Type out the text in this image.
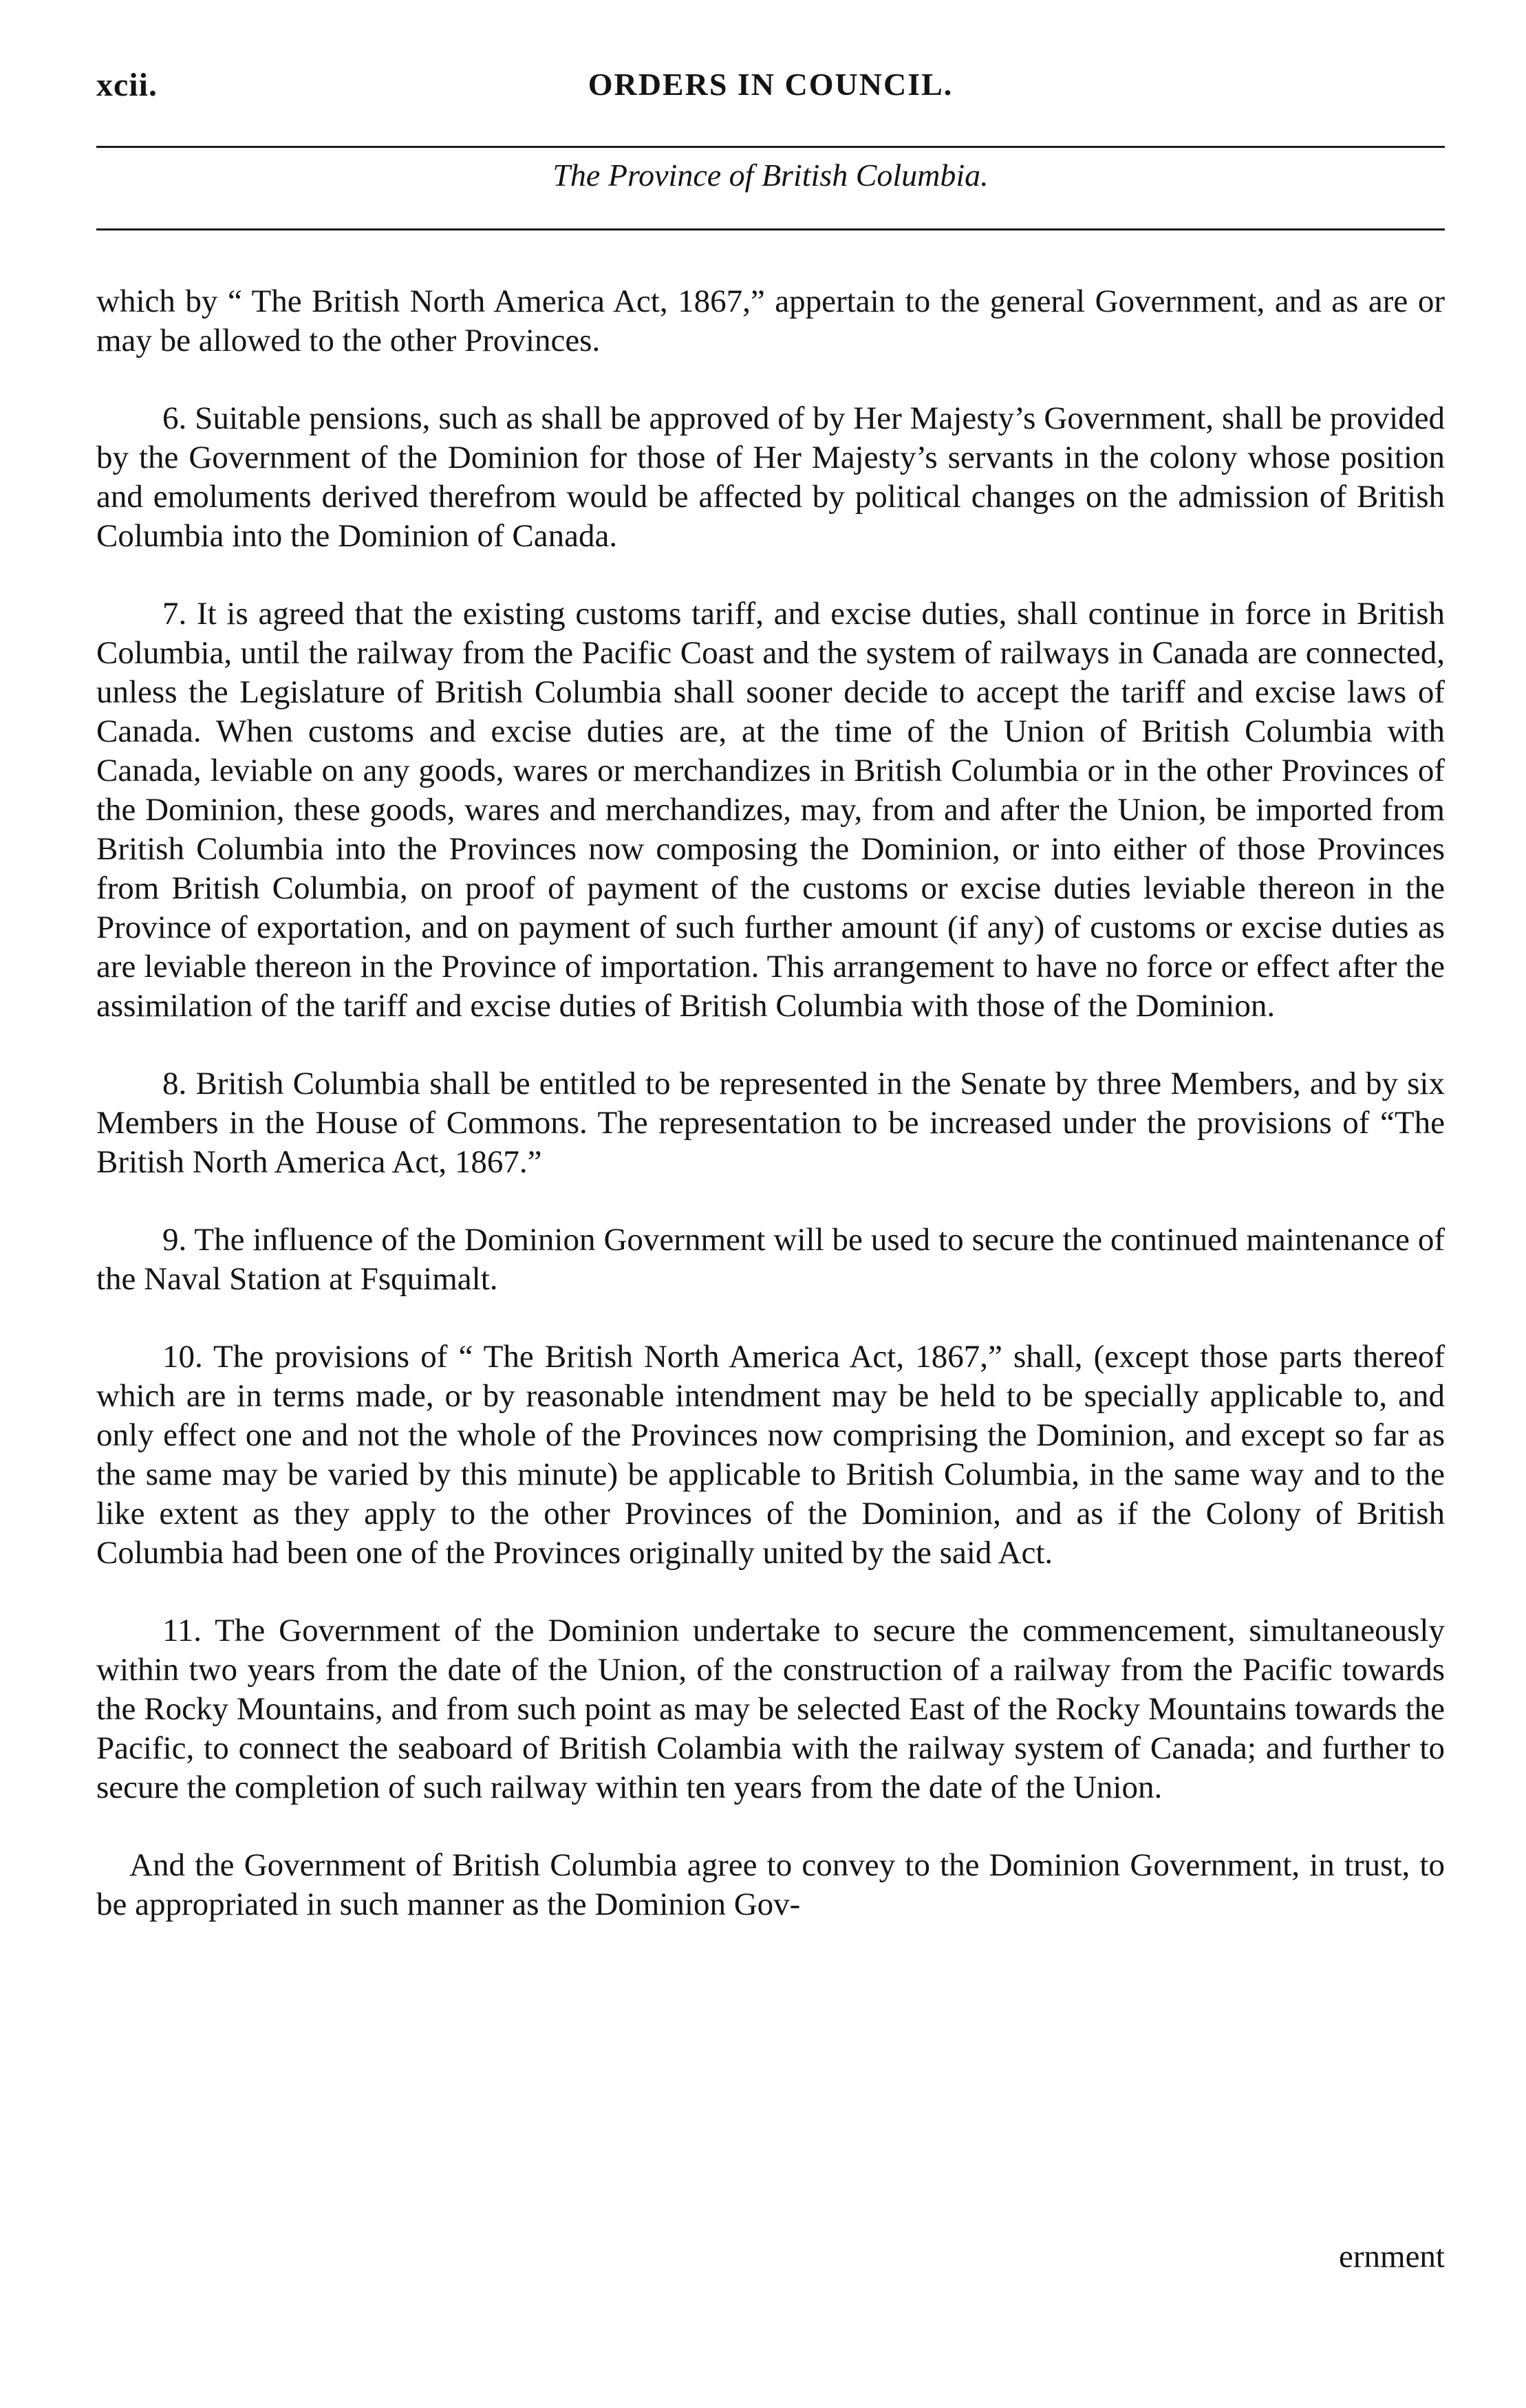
xcii.	ORDERS IN COUNCIL.
The Province of British Columbia.

which by “ The British North America Act, 1867,” appertain to the general Government, and as are or may be allowed to the other Provinces.

6. Suitable pensions, such as shall be approved of by Her Majesty’s Government, shall be provided by the Government of the Dominion for those of Her Majesty’s servants in the colony whose position and emoluments derived therefrom would be affected by political changes on the admission of British Columbia into the Dominion of Canada.

7. It is agreed that the existing customs tariff, and excise duties, shall continue in force in British Columbia, until the railway from the Pacific Coast and the system of railways in Canada are connected, unless the Legislature of British Columbia shall sooner decide to accept the tariff and excise laws of Canada. When customs and excise duties are, at the time of the Union of British Columbia with Canada, leviable on any goods, wares or merchandizes in British Columbia or in the other Provinces of the Dominion, these goods, wares and merchandizes, may, from and after the Union, be imported from British Columbia into the Provinces now composing the Dominion, or into either of those Provinces from British Columbia, on proof of payment of the customs or excise duties leviable thereon in the Province of exportation, and on payment of such further amount (if any) of customs or excise duties as are leviable thereon in the Province of importation. This arrangement to have no force or effect after the assimilation of the tariff and excise duties of British Columbia with those of the Dominion.

8. British Columbia shall be entitled to be represented in the Senate by three Members, and by six Members in the House of Commons. The representation to be increased under the provisions of “The British North America Act, 1867.”

9. The influence of the Dominion Government will be used to secure the continued maintenance of the Naval Station at Fsquimalt.

10. The provisions of “ The British North America Act, 1867,” shall, (except those parts thereof which are in terms made, or by reasonable intendment may be held to be specially applicable to, and only effect one and not the whole of the Provinces now comprising the Dominion, and except so far as the same may be varied by this minute) be applicable to British Columbia, in the same way and to the like extent as they apply to the other Provinces of the Dominion, and as if the Colony of British Columbia had been one of the Provinces originally united by the said Act.

11. The Government of the Dominion undertake to secure the commencement, simultaneously within two years from the date of the Union, of the construction of a railway from the Pacific towards the Rocky Mountains, and from such point as may be selected East of the Rocky Mountains towards the Pacific, to connect the seaboard of British Colambia with the railway system of Canada; and further to secure the completion of such railway within ten years from the date of the Union.

And the Government of British Columbia agree to convey to the Dominion Government, in trust, to be appropriated in such manner as the Dominion Gov-

ernment
